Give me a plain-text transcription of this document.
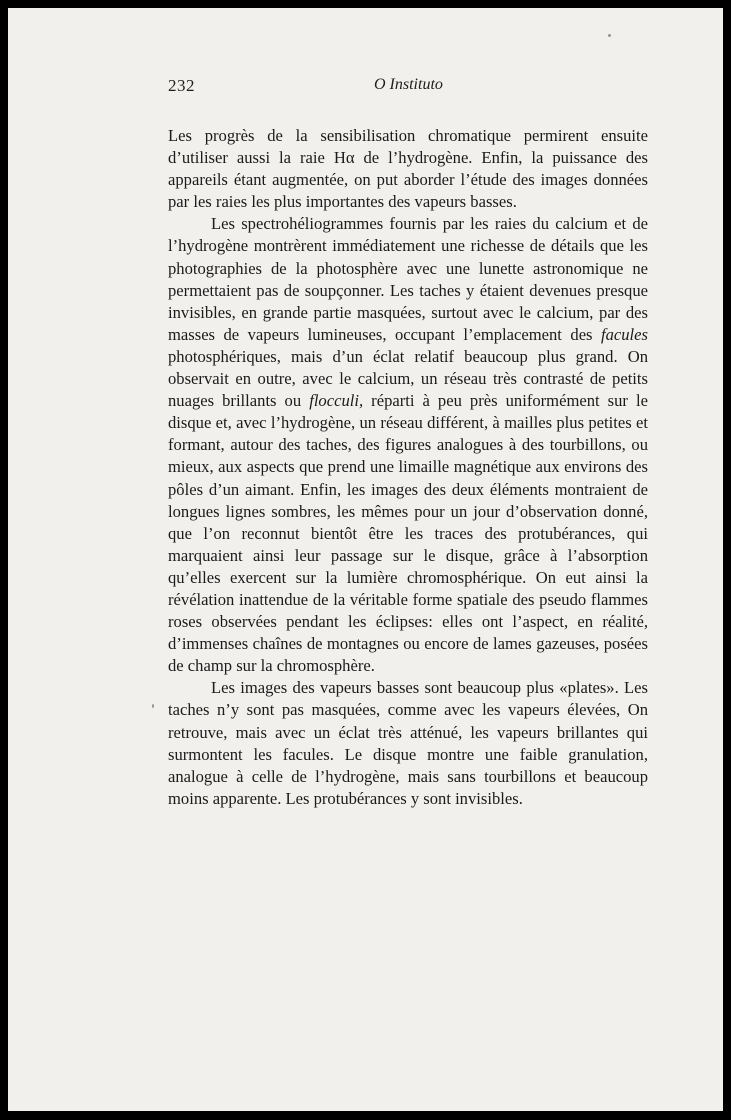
232	O Instituto

Les progrès de la sensibilisation chromatique permirent ensuite d’utiliser aussi la raie Hα de l’hydrogène. Enfin, la puissance des appareils étant augmentée, on put aborder l’étude des images données par les raies les plus importantes des vapeurs basses.

Les spectrohéliogrammes fournis par les raies du calcium et de l’hydrogène montrèrent immédiatement une richesse de détails que les photographies de la photosphère avec une lunette astronomique ne permettaient pas de soupçonner. Les taches y étaient devenues presque invisibles, en grande partie masquées, surtout avec le calcium, par des masses de vapeurs lumineuses, occupant l’emplacement des facules photosphériques, mais d’un éclat relatif beaucoup plus grand. On observait en outre, avec le calcium, un réseau très contrasté de petits nuages brillants ou flocculi, réparti à peu près uniformément sur le disque et, avec l’hydrogène, un réseau différent, à mailles plus petites et formant, autour des taches, des figures analogues à des tourbillons, ou mieux, aux aspects que prend une limaille magnétique aux environs des pôles d’un aimant. Enfin, les images des deux éléments montraient de longues lignes sombres, les mêmes pour un jour d’observation donné, que l’on reconnut bientôt être les traces des protubérances, qui marquaient ainsi leur passage sur le disque, grâce à l’absorption qu’elles exercent sur la lumière chromosphérique. On eut ainsi la révélation inattendue de la véritable forme spatiale des pseudo flammes roses observées pendant les éclipses: elles ont l’aspect, en réalité, d’immenses chaînes de montagnes ou encore de lames gazeuses, posées de champ sur la chromosphère.

Les images des vapeurs basses sont beaucoup plus «plates». Les taches n’y sont pas masquées, comme avec les vapeurs élevées, On retrouve, mais avec un éclat très atténué, les vapeurs brillantes qui surmontent les facules. Le disque montre une faible granulation, analogue à celle de l’hydrogène, mais sans tourbillons et beaucoup moins apparente. Les protubérances y sont invisibles.
